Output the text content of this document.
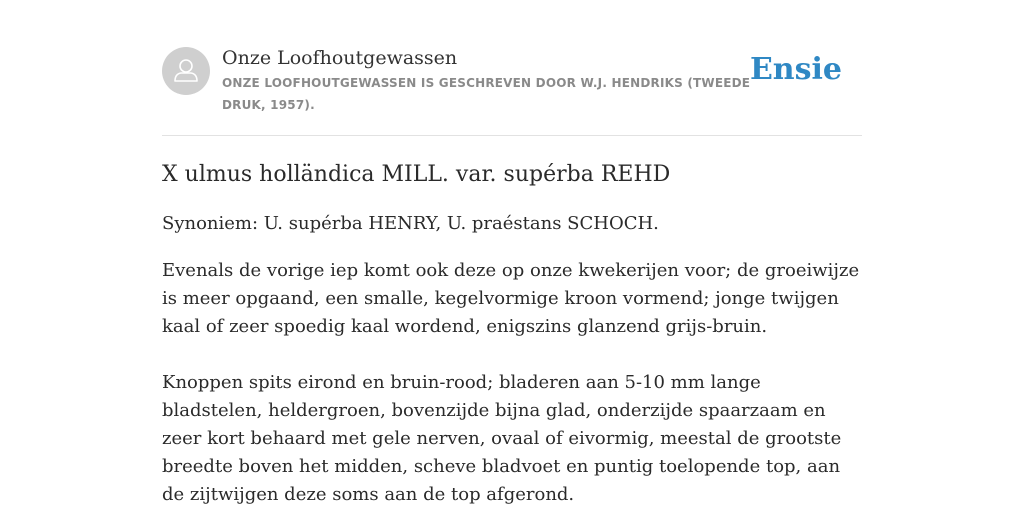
Onze Loofhoutgewassen
ONZE LOOFHOUTGEWASSEN IS GESCHREVEN DOOR W.J. HENDRIKS (TWEEDE DRUK, 1957).
Ensie
X ulmus holländica MILL. var. supérba REHD

Synoniem: U. supérba HENRY, U. praéstans SCHOCH.

Evenals de vorige iep komt ook deze op onze kwekerijen voor; de groeiwijze is meer opgaand, een smalle, kegelvormige kroon vormend; jonge twijgen kaal of zeer spoedig kaal wordend, enigszins glanzend grijs-bruin.

Knoppen spits eirond en bruin-rood; bladeren aan 5-10 mm lange bladstelen, heldergroen, bovenzijde bijna glad, onderzijde spaarzaam en zeer kort behaard met gele nerven, ovaal of eivormig, meestal de grootste breedte boven het midden, scheve bladvoet en puntig toelopende top, aan de zijtwijgen deze soms aan de top afgerond.
